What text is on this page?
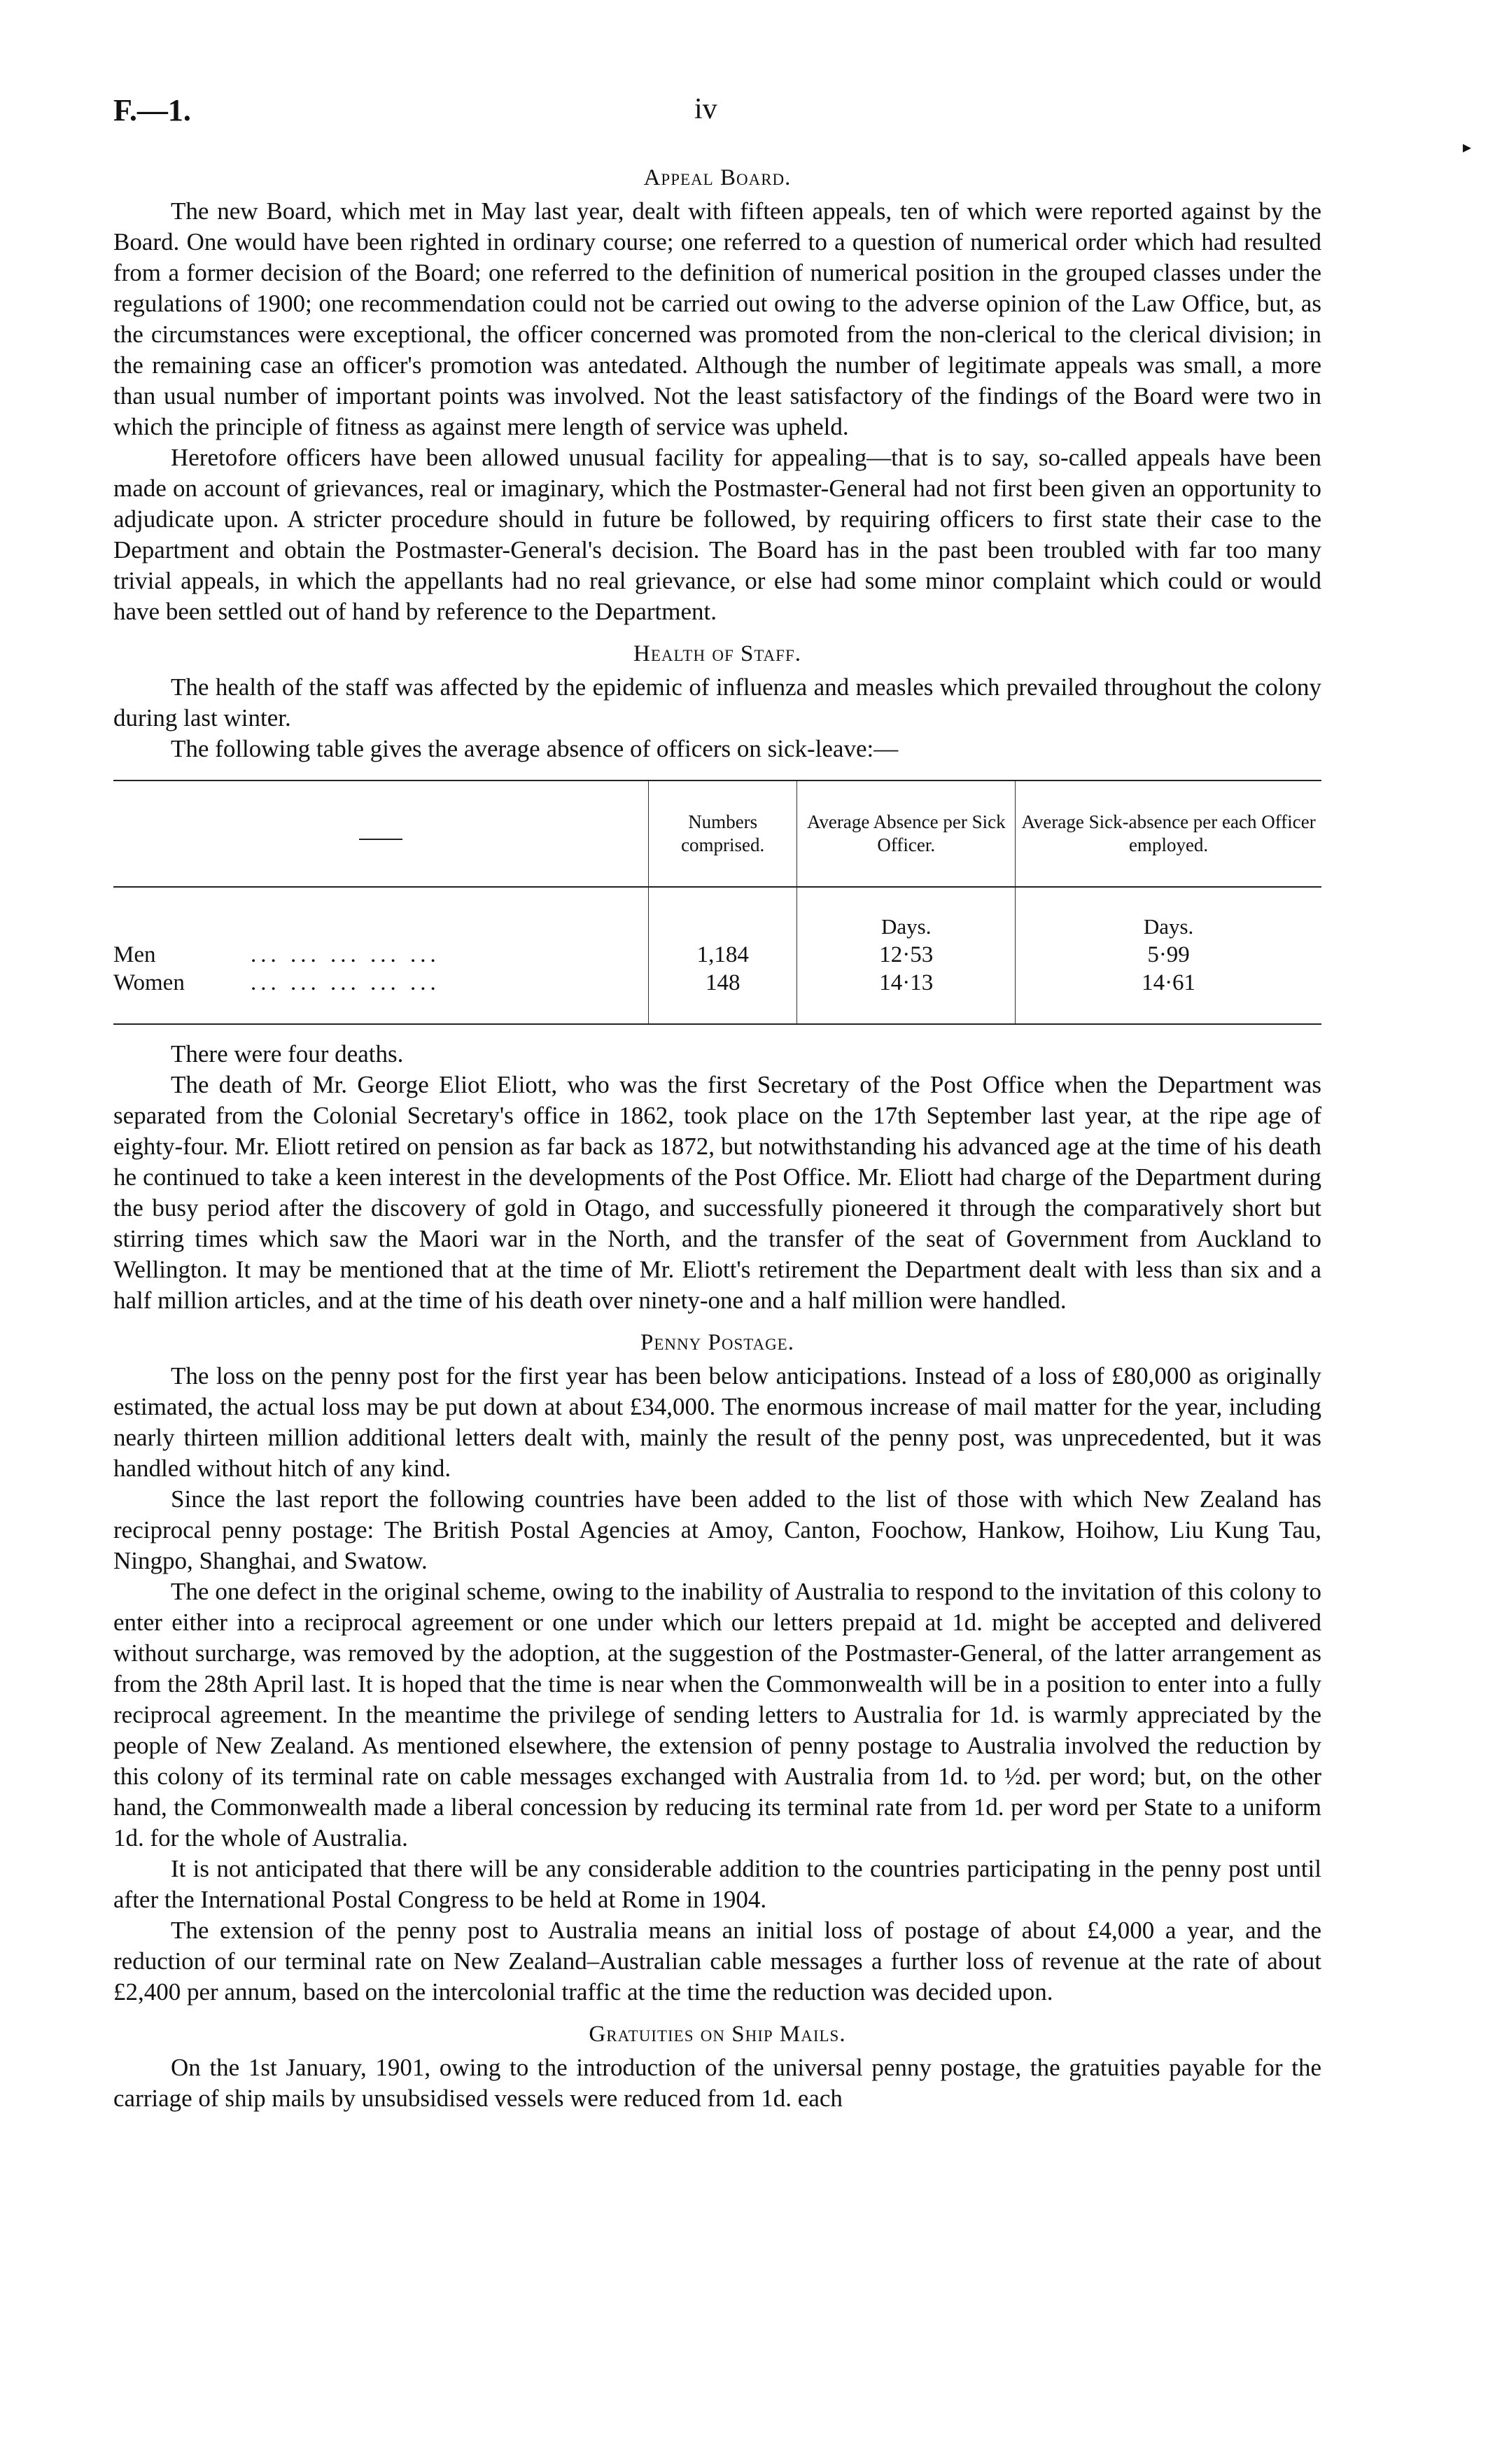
F.—1.	iv
▸
Appeal Board.

The new Board, which met in May last year, dealt with fifteen appeals, ten of which were reported against by the Board. One would have been righted in ordinary course; one referred to a question of numerical order which had resulted from a former decision of the Board; one referred to the definition of numerical position in the grouped classes under the regulations of 1900; one recommendation could not be carried out owing to the adverse opinion of the Law Office, but, as the circumstances were exceptional, the officer concerned was promoted from the non-clerical to the clerical division; in the remaining case an officer's promotion was antedated. Although the number of legitimate appeals was small, a more than usual number of important points was involved. Not the least satisfactory of the findings of the Board were two in which the principle of fitness as against mere length of service was upheld.

Heretofore officers have been allowed unusual facility for appealing—that is to say, so-called appeals have been made on account of grievances, real or imaginary, which the Postmaster-General had not first been given an opportunity to adjudicate upon. A stricter procedure should in future be followed, by requiring officers to first state their case to the Department and obtain the Postmaster-General's decision. The Board has in the past been troubled with far too many trivial appeals, in which the appellants had no real grievance, or else had some minor complaint which could or would have been settled out of hand by reference to the Department.

Health of Staff.

The health of the staff was affected by the epidemic of influenza and measles which prevailed throughout the colony during last winter.

The following table gives the average absence of officers on sick-leave:—

	Numbers comprised.	Average Absence per Sick Officer.	Average Sick-absence per each Officer employed.
		Days.	Days.
Men ... ... ... ... ...	1,184	12·53	5·99
Women ... ... ... ... ...	148	14·13	14·61

There were four deaths.

The death of Mr. George Eliot Eliott, who was the first Secretary of the Post Office when the Department was separated from the Colonial Secretary's office in 1862, took place on the 17th September last year, at the ripe age of eighty-four. Mr. Eliott retired on pension as far back as 1872, but notwithstanding his advanced age at the time of his death he continued to take a keen interest in the developments of the Post Office. Mr. Eliott had charge of the Department during the busy period after the discovery of gold in Otago, and successfully pioneered it through the comparatively short but stirring times which saw the Maori war in the North, and the transfer of the seat of Government from Auckland to Wellington. It may be mentioned that at the time of Mr. Eliott's retirement the Department dealt with less than six and a half million articles, and at the time of his death over ninety-one and a half million were handled.

Penny Postage.

The loss on the penny post for the first year has been below anticipations. Instead of a loss of £80,000 as originally estimated, the actual loss may be put down at about £34,000. The enormous increase of mail matter for the year, including nearly thirteen million additional letters dealt with, mainly the result of the penny post, was unprecedented, but it was handled without hitch of any kind.

Since the last report the following countries have been added to the list of those with which New Zealand has reciprocal penny postage: The British Postal Agencies at Amoy, Canton, Foochow, Hankow, Hoihow, Liu Kung Tau, Ningpo, Shanghai, and Swatow.

The one defect in the original scheme, owing to the inability of Australia to respond to the invitation of this colony to enter either into a reciprocal agreement or one under which our letters prepaid at 1d. might be accepted and delivered without surcharge, was removed by the adoption, at the suggestion of the Postmaster-General, of the latter arrangement as from the 28th April last. It is hoped that the time is near when the Commonwealth will be in a position to enter into a fully reciprocal agreement. In the meantime the privilege of sending letters to Australia for 1d. is warmly appreciated by the people of New Zealand. As mentioned elsewhere, the extension of penny postage to Australia involved the reduction by this colony of its terminal rate on cable messages exchanged with Australia from 1d. to ½d. per word; but, on the other hand, the Commonwealth made a liberal concession by reducing its terminal rate from 1d. per word per State to a uniform 1d. for the whole of Australia.

It is not anticipated that there will be any considerable addition to the countries participating in the penny post until after the International Postal Congress to be held at Rome in 1904.

The extension of the penny post to Australia means an initial loss of postage of about £4,000 a year, and the reduction of our terminal rate on New Zealand–Australian cable messages a further loss of revenue at the rate of about £2,400 per annum, based on the intercolonial traffic at the time the reduction was decided upon.

Gratuities on Ship Mails.

On the 1st January, 1901, owing to the introduction of the universal penny postage, the gratuities payable for the carriage of ship mails by unsubsidised vessels were reduced from 1d. each
